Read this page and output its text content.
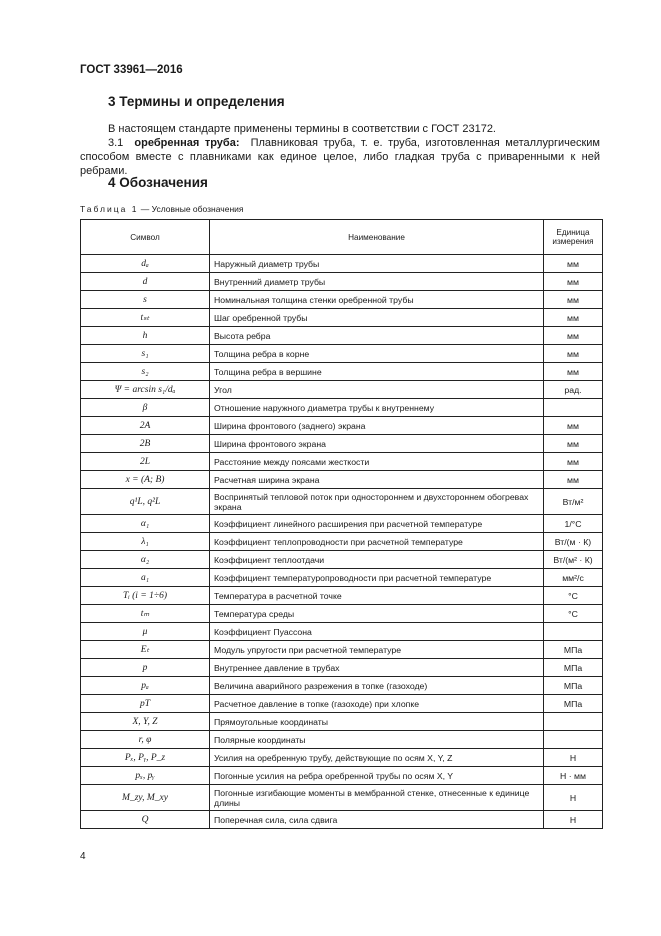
ГОСТ 33961—2016
3 Термины и определения
В настоящем стандарте применены термины в соответствии с ГОСТ 23172.
3.1 оребренная труба: Плавниковая труба, т. е. труба, изготовленная металлургическим способом вместе с плавниками как единое целое, либо гладкая труба с приваренными к ней ребрами.
4 Обозначения
Таблица 1 — Условные обозначения
Символ	Наименование	Единица измерения
dₐ	Наружный диаметр трубы	мм
d	Внутренний диаметр трубы	мм
s	Номинальная толщина стенки оребренной трубы	мм
tₛₜ	Шаг оребренной трубы	мм
h	Высота ребра	мм
s₁	Толщина ребра в корне	мм
s₂	Толщина ребра в вершине	мм
Ψ = arcsin s₁/dₐ	Угол	рад.
β	Отношение наружного диаметра трубы к внутреннему	
2A	Ширина фронтового (заднего) экрана	мм
2B	Ширина фронтового экрана	мм
2L	Расстояние между поясами жесткости	мм
x = (A; B)	Расчетная ширина экрана	мм
q¹L, q²L	Воспринятый тепловой поток при одностороннем и двухстороннем обогревах экрана	Вт/м²
α₁	Коэффициент линейного расширения при расчетной температуре	1/°С
λ₁	Коэффициент теплопроводности при расчетной температуре	Вт/(м · К)
α₂	Коэффициент теплоотдачи	Вт/(м² · К)
a₁	Коэффициент температуропроводности при расчетной температуре	мм²/с
Tᵢ (i = 1÷6)	Температура в расчетной точке	°С
tₘ	Температура среды	°С
μ	Коэффициент Пуассона	
Eₜ	Модуль упругости при расчетной температуре	МПа
p	Внутреннее давление в трубах	МПа
pₐ	Величина аварийного разрежения в топке (газоходе)	МПа
pT	Расчетное давление в топке (газоходе) при хлопке	МПа
X, Y, Z	Прямоугольные координаты	
r, φ	Полярные координаты	
Pₓ, Pᵧ, P_z	Усилия на оребренную трубу, действующие по осям X, Y, Z	Н
pₓ, pᵧ	Погонные усилия на ребра оребренной трубы по осям X, Y	Н · мм
M_zy, M_xy	Погонные изгибающие моменты в мембранной стенке, отнесенные к единице длины	Н
Q	Поперечная сила, сила сдвига	Н
4
